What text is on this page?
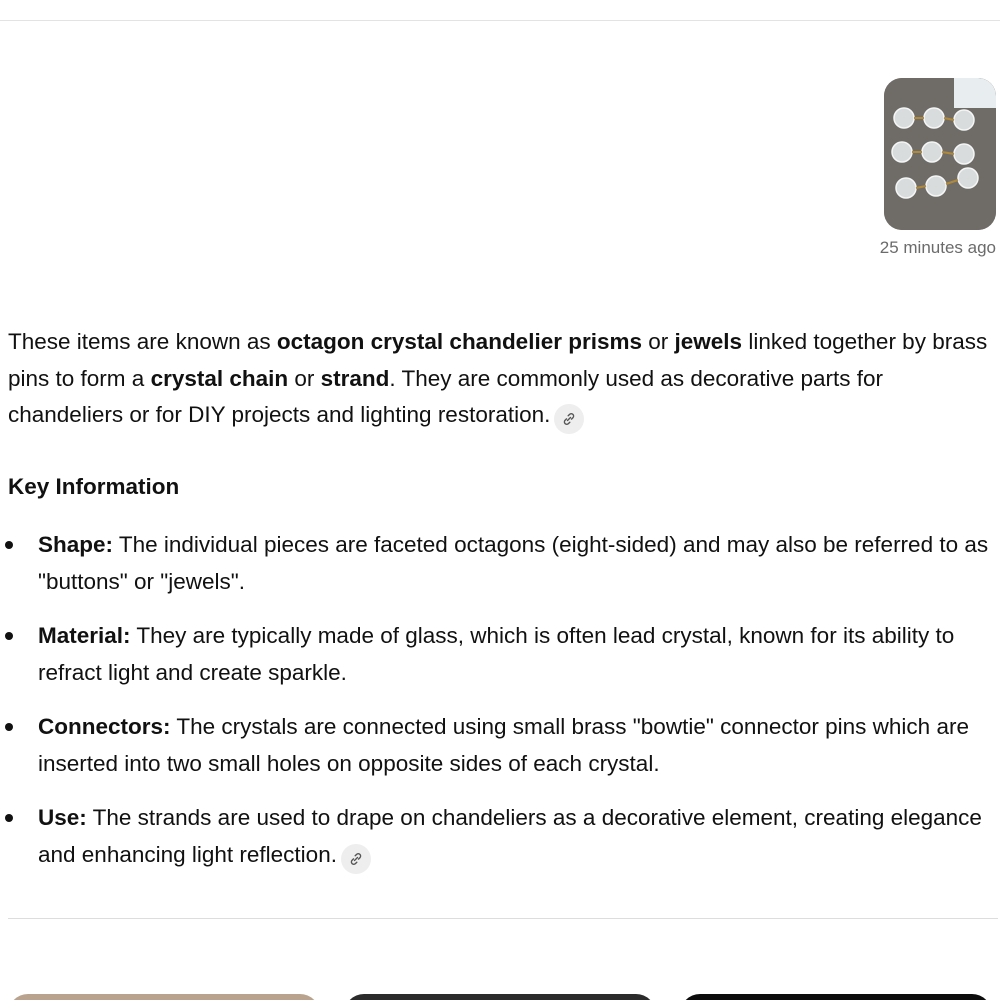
25 minutes ago

These items are known as octagon crystal chandelier prisms or jewels linked together by brass pins to form a crystal chain or strand. They are commonly used as decorative parts for chandeliers or for DIY projects and lighting restoration.

Key Information
Shape: The individual pieces are faceted octagons (eight-sided) and may also be referred to as "buttons" or "jewels".
Material: They are typically made of glass, which is often lead crystal, known for its ability to refract light and create sparkle.
Connectors: The crystals are connected using small brass "bowtie" connector pins which are inserted into two small holes on opposite sides of each crystal.
Use: The strands are used to drape on chandeliers as a decorative element, creating elegance and enhancing light reflection.
